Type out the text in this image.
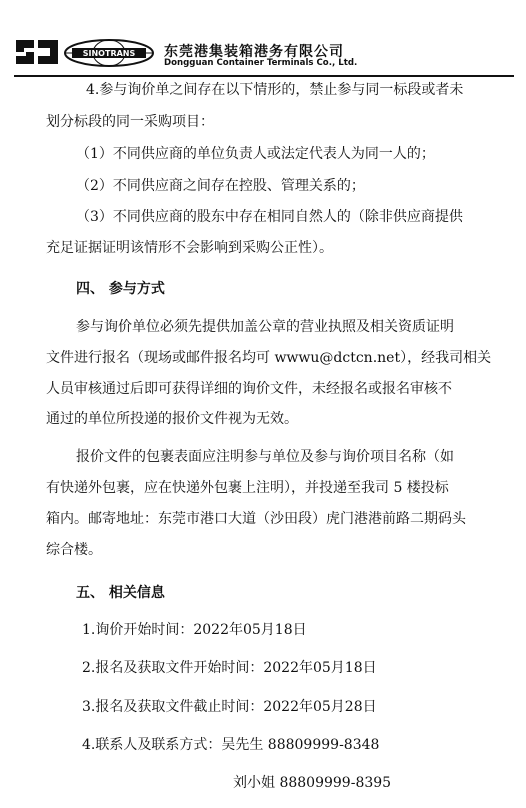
SINOTRANS 东莞港集装箱港务有限公司
Dongguan Container Terminals Co., Ltd.
4.参与询价单之间存在以下情形的，禁止参与同一标段或者未
划分标段的同一采购项目：
（1）不同供应商的单位负责人或法定代表人为同一人的；
（2）不同供应商之间存在控股、管理关系的；
（3）不同供应商的股东中存在相同自然人的（除非供应商提供
充足证据证明该情形不会影响到采购公正性）。
四、 参与方式
参与询价单位必须先提供加盖公章的营业执照及相关资质证明
文件进行报名（现场或邮件报名均可 wwwu@dctcn.net），经我司相关
人员审核通过后即可获得详细的询价文件，未经报名或报名审核不
通过的单位所投递的报价文件视为无效。
报价文件的包裹表面应注明参与单位及参与询价项目名称（如
有快递外包裹，应在快递外包裹上注明），并投递至我司 5 楼投标
箱内。邮寄地址：东莞市港口大道（沙田段）虎门港港前路二期码头
综合楼。
五、 相关信息
1.询价开始时间：2022年05月18日
2.报名及获取文件开始时间：2022年05月18日
3.报名及获取文件截止时间：2022年05月28日
4.联系人及联系方式：吴先生 88809999-8348
刘小姐 88809999-8395
